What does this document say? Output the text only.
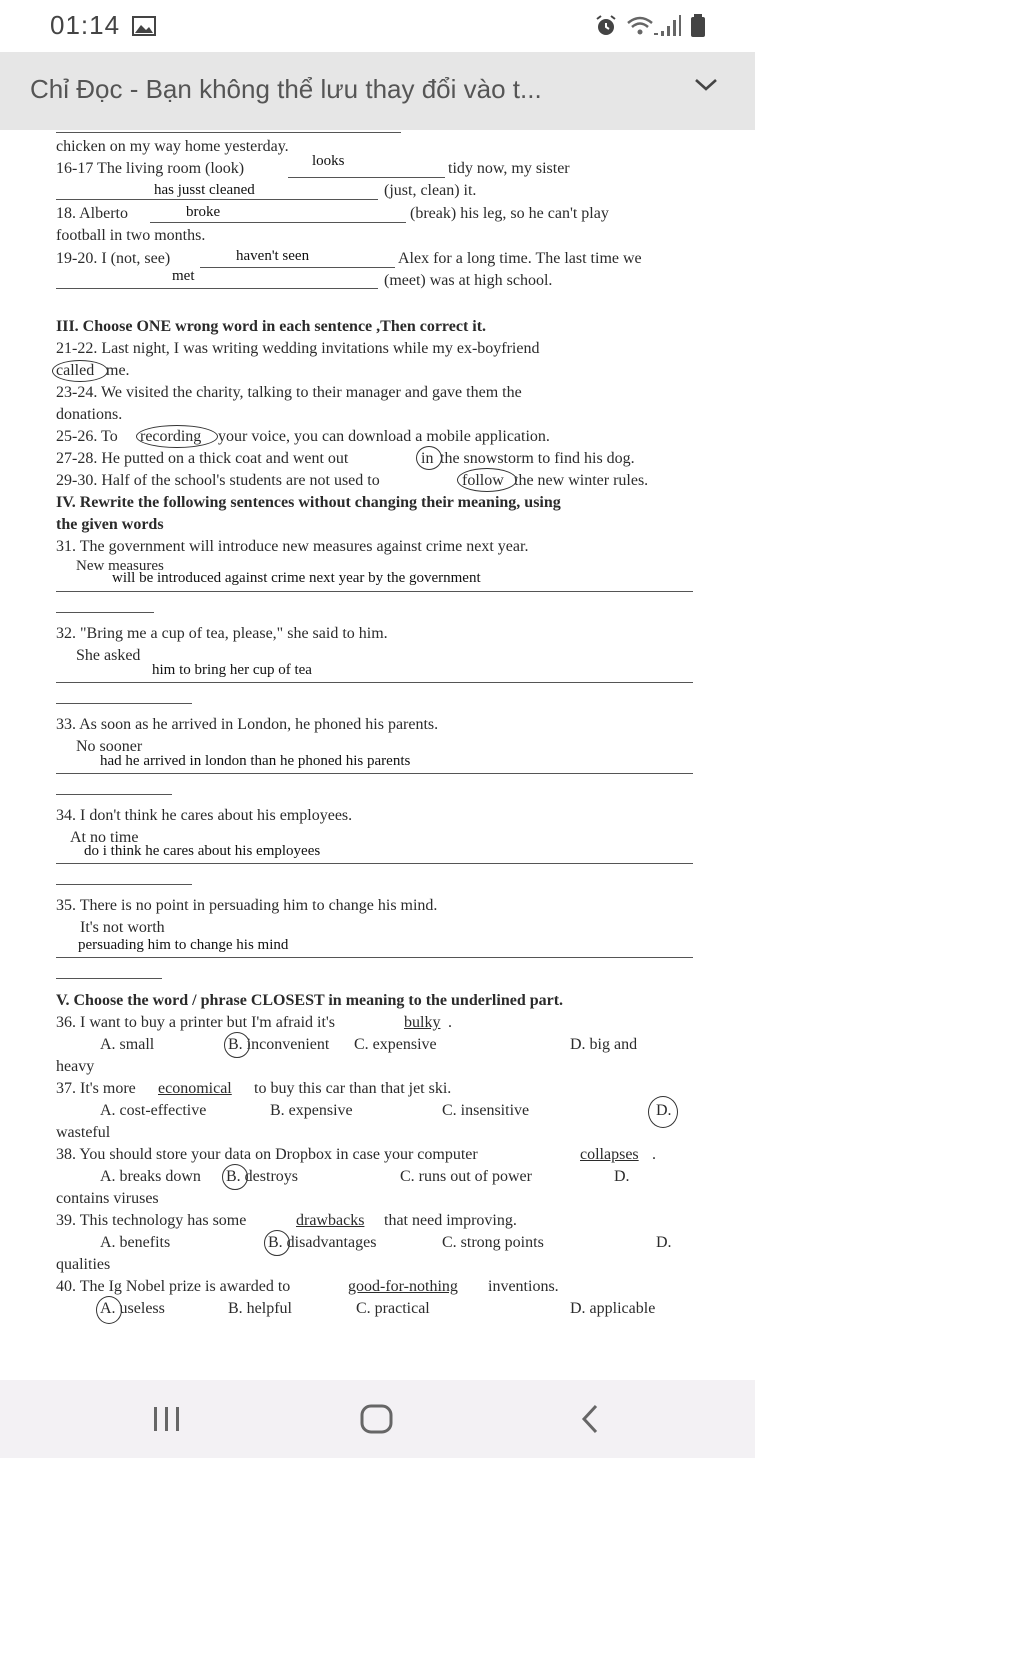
01:14
Chỉ Đọc - Bạn không thể lưu thay đổi vào t...
chicken on my way home yesterday.
16-17 The living room (look)	looks	tidy now, my sister
has jusst cleaned	(just, clean) it.
18. Alberto	broke	(break) his leg, so he can't play
football in two months.
19-20. I (not, see)	haven't seen	Alex for a long time. The last time we
met	(meet) was at high school.
III. Choose ONE wrong word in each sentence ,Then correct it.
21-22. Last night, I was writing wedding invitations while my ex-boyfriend
called me.
23-24. We visited the charity, talking to their manager and gave them the
donations.
25-26. To recording your voice, you can download a mobile application.
27-28. He putted on a thick coat and went out	in the snowstorm to find his dog.
29-30. Half of the school's students are not used to	follow the new winter rules.
IV. Rewrite the following sentences without changing their meaning, using
the given words
31. The government will introduce new measures against crime next year.
New measures
will be introduced against crime next year by the government
32. "Bring me a cup of tea, please," she said to him.
She asked
him to bring her cup of tea
33. As soon as he arrived in London, he phoned his parents.
No sooner
had he arrived in london than he phoned his parents
34. I don't think he cares about his employees.
At no time
do i think he cares about his employees
35. There is no point in persuading him to change his mind.
It's not worth
persuading him to change his mind
V. Choose the word / phrase CLOSEST in meaning to the underlined part.
36. I want to buy a printer but I'm afraid it's	bulky .
A. small	B. inconvenient C. expensive	D. big and
heavy
37. It's more economical to buy this car than that jet ski.
A. cost-effective	B. expensive	C. insensitive	D.
wasteful
38. You should store your data on Dropbox in case your computer	collapses .
A. breaks down B. destroys	C. runs out of power	D.
contains viruses
39. This technology has some	drawbacks that need improving.
A. benefits	B. disadvantages	C. strong points	D.
qualities
40. The Ig Nobel prize is awarded to	good-for-nothing inventions.
A. useless	B. helpful	C. practical	D. applicable
